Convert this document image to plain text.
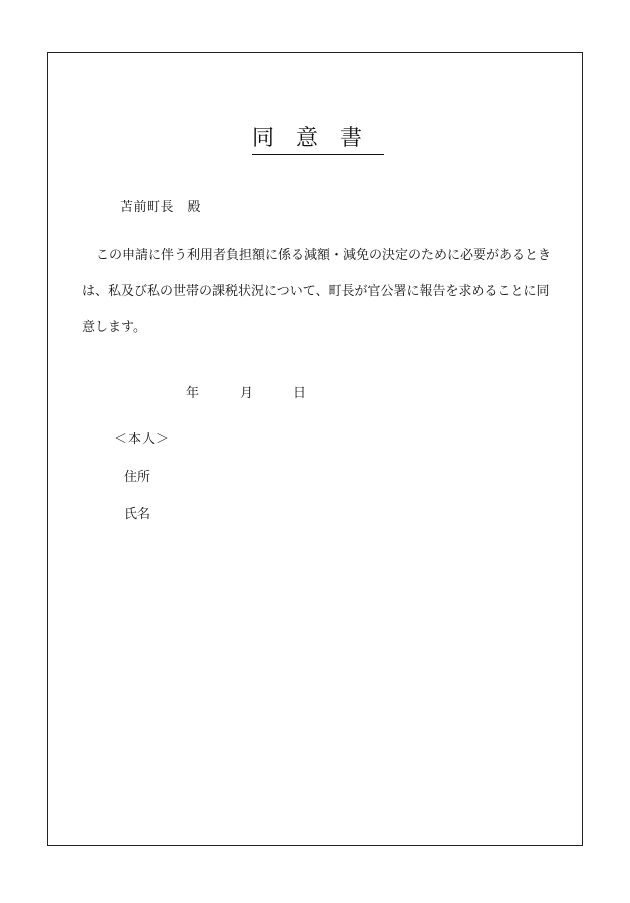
同意書
苫前町長　殿
この申請に伴う利用者負担額に係る減額・減免の決定のために必要があるとき
は、私及び私の世帯の課税状況について、町長が官公署に報告を求めることに同
意します。
年	月	日
＜本人＞
住所
氏名
